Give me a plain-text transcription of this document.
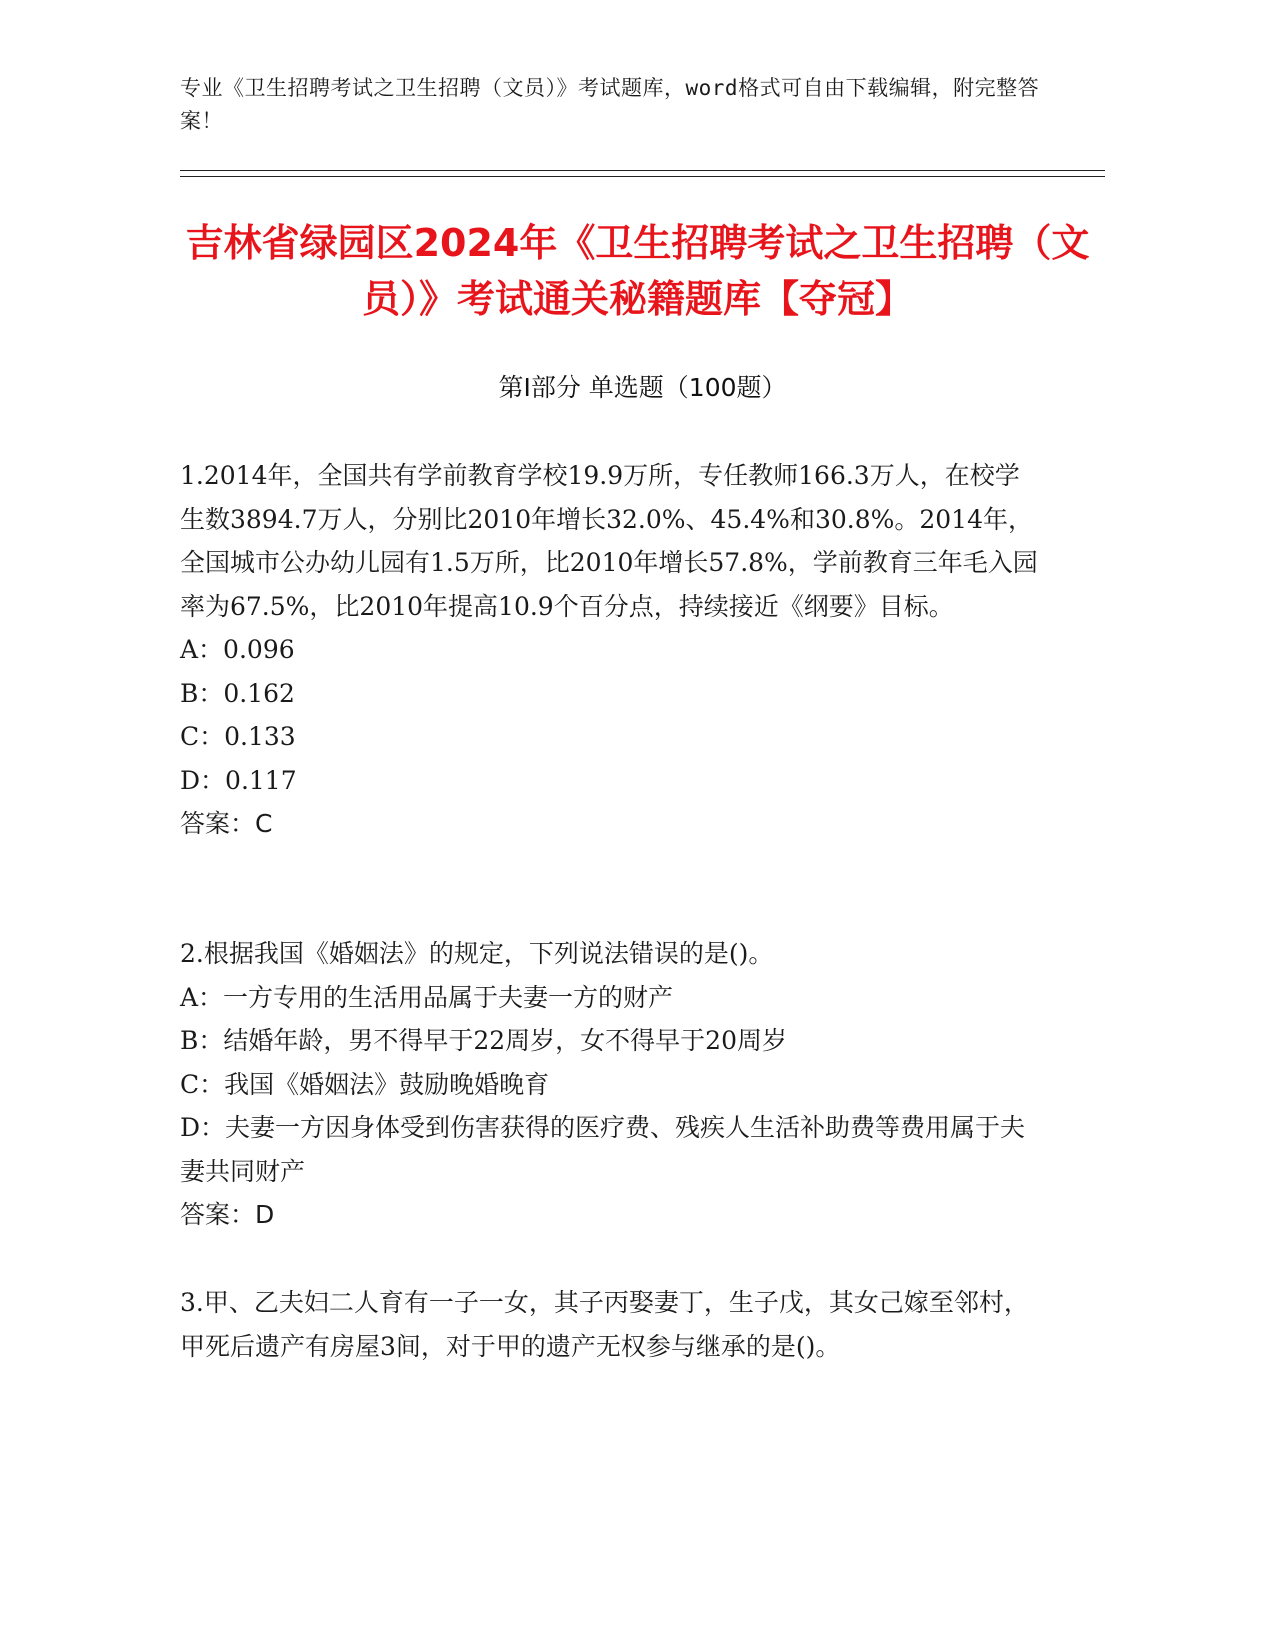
专业《卫生招聘考试之卫生招聘（文员）》考试题库，word格式可自由下载编辑，附完整答案！
吉林省绿园区2024年《卫生招聘考试之卫生招聘（文员）》考试通关秘籍题库【夺冠】
第I部分 单选题（100题）
1.2014年，全国共有学前教育学校19.9万所，专任教师166.3万人，在校学生数3894.7万人，分别比2010年增长32.0%、45.4%和30.8%。2014年，全国城市公办幼儿园有1.5万所，比2010年增长57.8%，学前教育三年毛入园率为67.5%，比2010年提高10.9个百分点，持续接近《纲要》目标。
A：0.096
B：0.162
C：0.133
D：0.117
答案：C
2.根据我国《婚姻法》的规定，下列说法错误的是()。
A：一方专用的生活用品属于夫妻一方的财产
B：结婚年龄，男不得早于22周岁，女不得早于20周岁
C：我国《婚姻法》鼓励晚婚晚育
D：夫妻一方因身体受到伤害获得的医疗费、残疾人生活补助费等费用属于夫妻共同财产
答案：D
3.甲、乙夫妇二人育有一子一女，其子丙娶妻丁，生子戊，其女己嫁至邻村，甲死后遗产有房屋3间，对于甲的遗产无权参与继承的是()。
